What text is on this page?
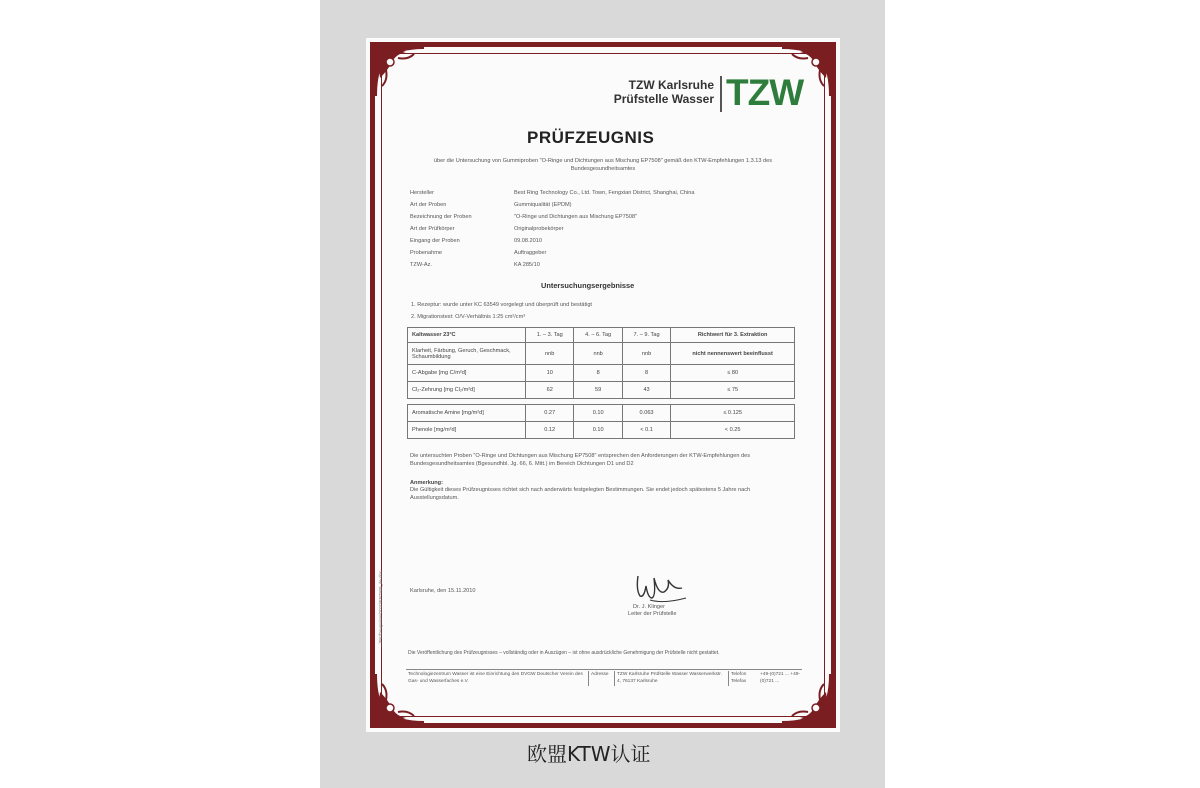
TZW Karlsruhe
Prüfstelle Wasser TZW
PRÜFZEUGNIS
über die Untersuchung von Gummiproben "O-Ringe und Dichtungen aus Mischung EP7508" gemäß den KTW-Empfehlungen 1.3.13 des Bundesgesundheitsamtes
Hersteller	Best Ring Technology Co., Ltd. Town, Fengxian District, Shanghai, China
Art der Proben	Gummiqualität (EPDM)
Bezeichnung der Proben	"O-Ringe und Dichtungen aus Mischung EP7508"
Art der Prüfkörper	Originalprobekörper
Eingang der Proben	09.08.2010
Probenahme	Auftraggeber
TZW-Az.	KA 285/10
Untersuchungsergebnisse
1. Rezeptur: wurde unter KC 63549 vorgelegt und überprüft und bestätigt
2. Migrationstest: O/V-Verhältnis 1:25 cm²/cm³
Kaltwasser 23°C	1. – 3. Tag	4. – 6. Tag	7. – 9. Tag	Richtwert für 3. Extraktion
Klarheit, Färbung, Geruch, Geschmack, Schaumbildung	nnb	nnb	nnb	nicht nennenswert beeinflusst
C-Abgabe [mg C/m²d]	10	8	8	≤ 80
Cl₂-Zehrung [mg Cl₂/m²d]	62	59	43	≤ 75

Aromatische Amine [mg/m²d]	0.27	0.10	0.063	≤ 0.125
Phenole [mg/m²d]	0.12	0.10	< 0.1	< 0.25
Die untersuchten Proben "O-Ringe und Dichtungen aus Mischung EP7508" entsprechen den Anforderungen der KTW-Empfehlungen des Bundesgesundheitsamtes (Bgesundhbl. Jg. 66, 6. Mitt.) im Bereich Dichtungen D1 und D2
Anmerkung:
Die Gültigkeit dieses Prüfzeugnisses richtet sich nach anderwärts festgelegten Bestimmungen. Sie endet jedoch spätestens 5 Jahre nach Ausstellungsdatum.
...\Prüfzeugnisse\2010\EP7508_de.doc	Karlsruhe, den 15.11.2010
Dr. J. Klinger
Leiter der Prüfstelle
Die Veröffentlichung des Prüfzeugnisses – vollständig oder in Auszügen – ist ohne ausdrückliche Genehmigung der Prüfstelle nicht gestattet.
Technologiezentrum Wasser ist eine Einrichtung des DVGW Deutscher Verein des Gas- und Wasserfaches e.V.
Adresse TZW Karlsruhe Prüfstelle Wasser Wasserwerkstr. 4, 76137 Karlsruhe
Telefon Telefax
+49-(0)721 ... +49-(0)721 ...
欧盟KTW认证
